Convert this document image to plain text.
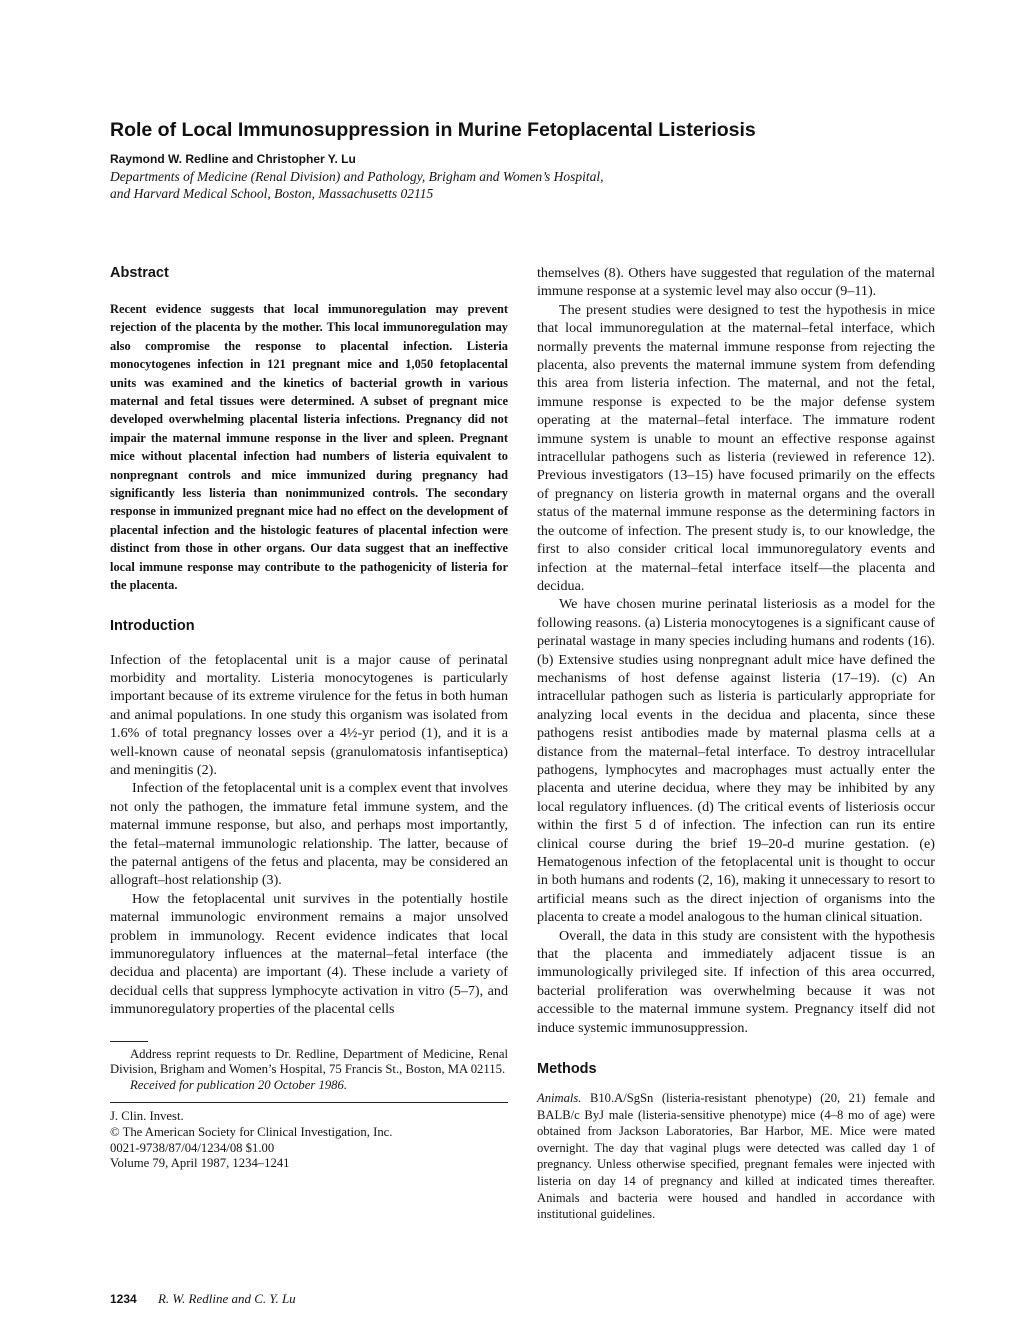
Role of Local Immunosuppression in Murine Fetoplacental Listeriosis
Raymond W. Redline and Christopher Y. Lu
Departments of Medicine (Renal Division) and Pathology, Brigham and Women’s Hospital,
and Harvard Medical School, Boston, Massachusetts 02115
Abstract

Recent evidence suggests that local immunoregulation may prevent rejection of the placenta by the mother. This local immunoregulation may also compromise the response to placental infection. Listeria monocytogenes infection in 121 pregnant mice and 1,050 fetoplacental units was examined and the kinetics of bacterial growth in various maternal and fetal tissues were determined. A subset of pregnant mice developed overwhelming placental listeria infections. Pregnancy did not impair the maternal immune response in the liver and spleen. Pregnant mice without placental infection had numbers of listeria equivalent to nonpregnant controls and mice immunized during pregnancy had significantly less listeria than nonimmunized controls. The secondary response in immunized pregnant mice had no effect on the development of placental infection and the histologic features of placental infection were distinct from those in other organs. Our data suggest that an ineffective local immune response may contribute to the pathogenicity of listeria for the placenta.

Introduction

Infection of the fetoplacental unit is a major cause of perinatal morbidity and mortality. Listeria monocytogenes is particularly important because of its extreme virulence for the fetus in both human and animal populations. In one study this organism was isolated from 1.6% of total pregnancy losses over a 4½-yr period (1), and it is a well-known cause of neonatal sepsis (granulomatosis infantiseptica) and meningitis (2).

Infection of the fetoplacental unit is a complex event that involves not only the pathogen, the immature fetal immune system, and the maternal immune response, but also, and perhaps most importantly, the fetal–maternal immunologic relationship. The latter, because of the paternal antigens of the fetus and placenta, may be considered an allograft–host relationship (3).

How the fetoplacental unit survives in the potentially hostile maternal immunologic environment remains a major unsolved problem in immunology. Recent evidence indicates that local immunoregulatory influences at the maternal–fetal interface (the decidua and placenta) are important (4). These include a variety of decidual cells that suppress lymphocyte activation in vitro (5–7), and immunoregulatory properties of the placental cells

Address reprint requests to Dr. Redline, Department of Medicine, Renal Division, Brigham and Women’s Hospital, 75 Francis St., Boston, MA 02115.

Received for publication 20 October 1986.

J. Clin. Invest.
© The American Society for Clinical Investigation, Inc.
0021-9738/87/04/1234/08 $1.00
Volume 79, April 1987, 1234–1241

themselves (8). Others have suggested that regulation of the maternal immune response at a systemic level may also occur (9–11).

The present studies were designed to test the hypothesis in mice that local immunoregulation at the maternal–fetal interface, which normally prevents the maternal immune response from rejecting the placenta, also prevents the maternal immune system from defending this area from listeria infection. The maternal, and not the fetal, immune response is expected to be the major defense system operating at the maternal–fetal interface. The immature rodent immune system is unable to mount an effective response against intracellular pathogens such as listeria (reviewed in reference 12). Previous investigators (13–15) have focused primarily on the effects of pregnancy on listeria growth in maternal organs and the overall status of the maternal immune response as the determining factors in the outcome of infection. The present study is, to our knowledge, the first to also consider critical local immunoregulatory events and infection at the maternal–fetal interface itself—the placenta and decidua.

We have chosen murine perinatal listeriosis as a model for the following reasons. (a) Listeria monocytogenes is a significant cause of perinatal wastage in many species including humans and rodents (16). (b) Extensive studies using nonpregnant adult mice have defined the mechanisms of host defense against listeria (17–19). (c) An intracellular pathogen such as listeria is particularly appropriate for analyzing local events in the decidua and placenta, since these pathogens resist antibodies made by maternal plasma cells at a distance from the maternal–fetal interface. To destroy intracellular pathogens, lymphocytes and macrophages must actually enter the placenta and uterine decidua, where they may be inhibited by any local regulatory influences. (d) The critical events of listeriosis occur within the first 5 d of infection. The infection can run its entire clinical course during the brief 19–20-d murine gestation. (e) Hematogenous infection of the fetoplacental unit is thought to occur in both humans and rodents (2, 16), making it unnecessary to resort to artificial means such as the direct injection of organisms into the placenta to create a model analogous to the human clinical situation.

Overall, the data in this study are consistent with the hypothesis that the placenta and immediately adjacent tissue is an immunologically privileged site. If infection of this area occurred, bacterial proliferation was overwhelming because it was not accessible to the maternal immune system. Pregnancy itself did not induce systemic immunosuppression.

Methods

Animals. B10.A/SgSn (listeria-resistant phenotype) (20, 21) female and BALB/c ByJ male (listeria-sensitive phenotype) mice (4–8 mo of age) were obtained from Jackson Laboratories, Bar Harbor, ME. Mice were mated overnight. The day that vaginal plugs were detected was called day 1 of pregnancy. Unless otherwise specified, pregnant females were injected with listeria on day 14 of pregnancy and killed at indicated times thereafter. Animals and bacteria were housed and handled in accordance with institutional guidelines.

1234 R. W. Redline and C. Y. Lu
